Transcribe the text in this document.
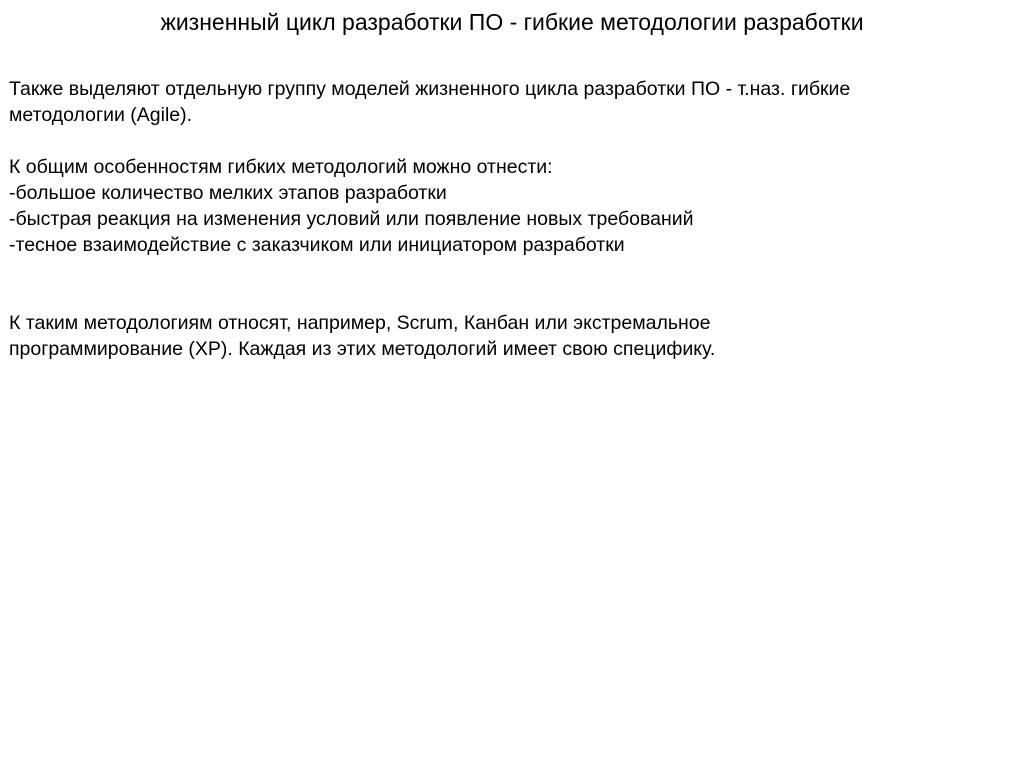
жизненный цикл разработки ПО - гибкие методологии разработки

Также выделяют отдельную группу моделей жизненного цикла разработки ПО - т.наз. гибкие
методологии (Agile).

К общим особенностям гибких методологий можно отнести:
-большое количество мелких этапов разработки
-быстрая реакция на изменения условий или появление новых требований
-тесное взаимодействие с заказчиком или инициатором разработки

К таким методологиям относят, например, Scrum, Канбан или экстремальное
программирование (XP). Каждая из этих методологий имеет свою специфику.
